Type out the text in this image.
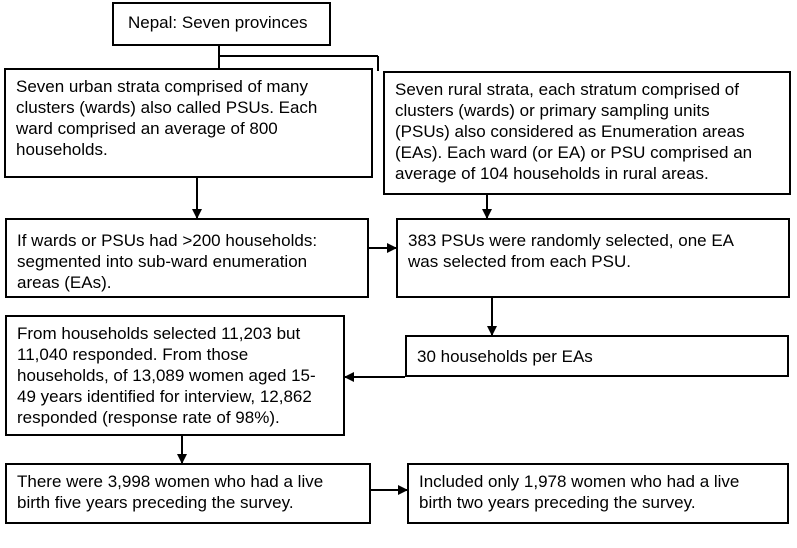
Nepal: Seven provinces
Seven urban strata comprised of many
clusters (wards) also called PSUs. Each
ward comprised an average of 800
households.
Seven rural strata, each stratum comprised of
clusters (wards) or primary sampling units
(PSUs) also considered as Enumeration areas
(EAs). Each ward (or EA) or PSU comprised an
average of 104 households in rural areas.
If wards or PSUs had >200 households:
segmented into sub-ward enumeration
areas (EAs).
383 PSUs were randomly selected, one EA
was selected from each PSU.
30 households per EAs
From households selected 11,203 but
11,040 responded. From those
households, of 13,089 women aged 15-
49 years identified for interview, 12,862
responded (response rate of 98%).
There were 3,998 women who had a live
birth five years preceding the survey.
Included only 1,978 women who had a live
birth two years preceding the survey.
